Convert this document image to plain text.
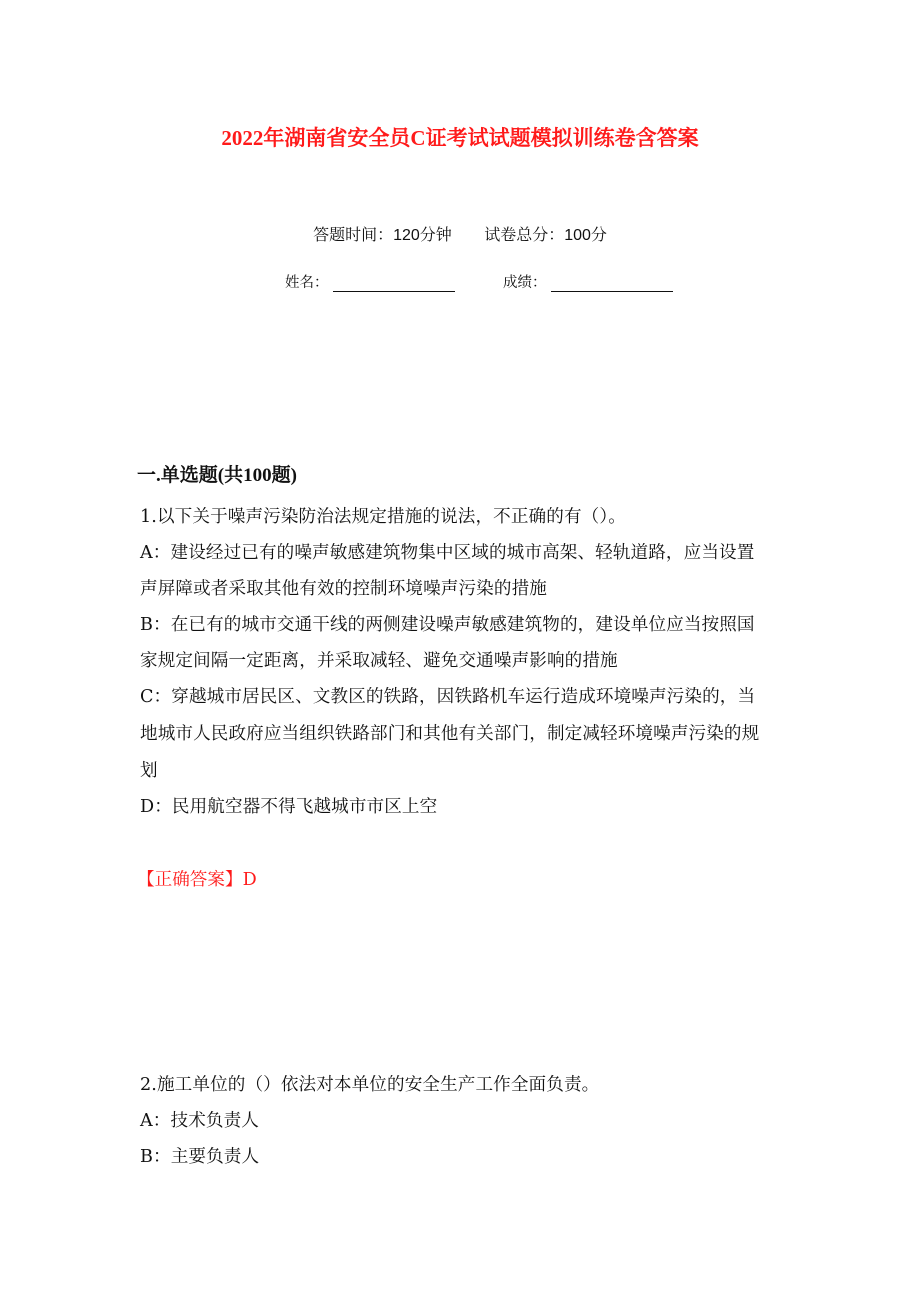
2022年湖南省安全员C证考试试题模拟训练卷含答案
答题时间：120分钟 试卷总分：100分
姓名：	成绩：
一.单选题(共100题)
1.以下关于噪声污染防治法规定措施的说法，不正确的有（）。
A：建设经过已有的噪声敏感建筑物集中区域的城市高架、轻轨道路，应当设置
声屏障或者采取其他有效的控制环境噪声污染的措施
B：在已有的城市交通干线的两侧建设噪声敏感建筑物的，建设单位应当按照国
家规定间隔一定距离，并采取减轻、避免交通噪声影响的措施
C：穿越城市居民区、文教区的铁路，因铁路机车运行造成环境噪声污染的，当
地城市人民政府应当组织铁路部门和其他有关部门，制定减轻环境噪声污染的规
划
D：民用航空器不得飞越城市市区上空
【正确答案】D
2.施工单位的（）依法对本单位的安全生产工作全面负责。
A：技术负责人
B：主要负责人
